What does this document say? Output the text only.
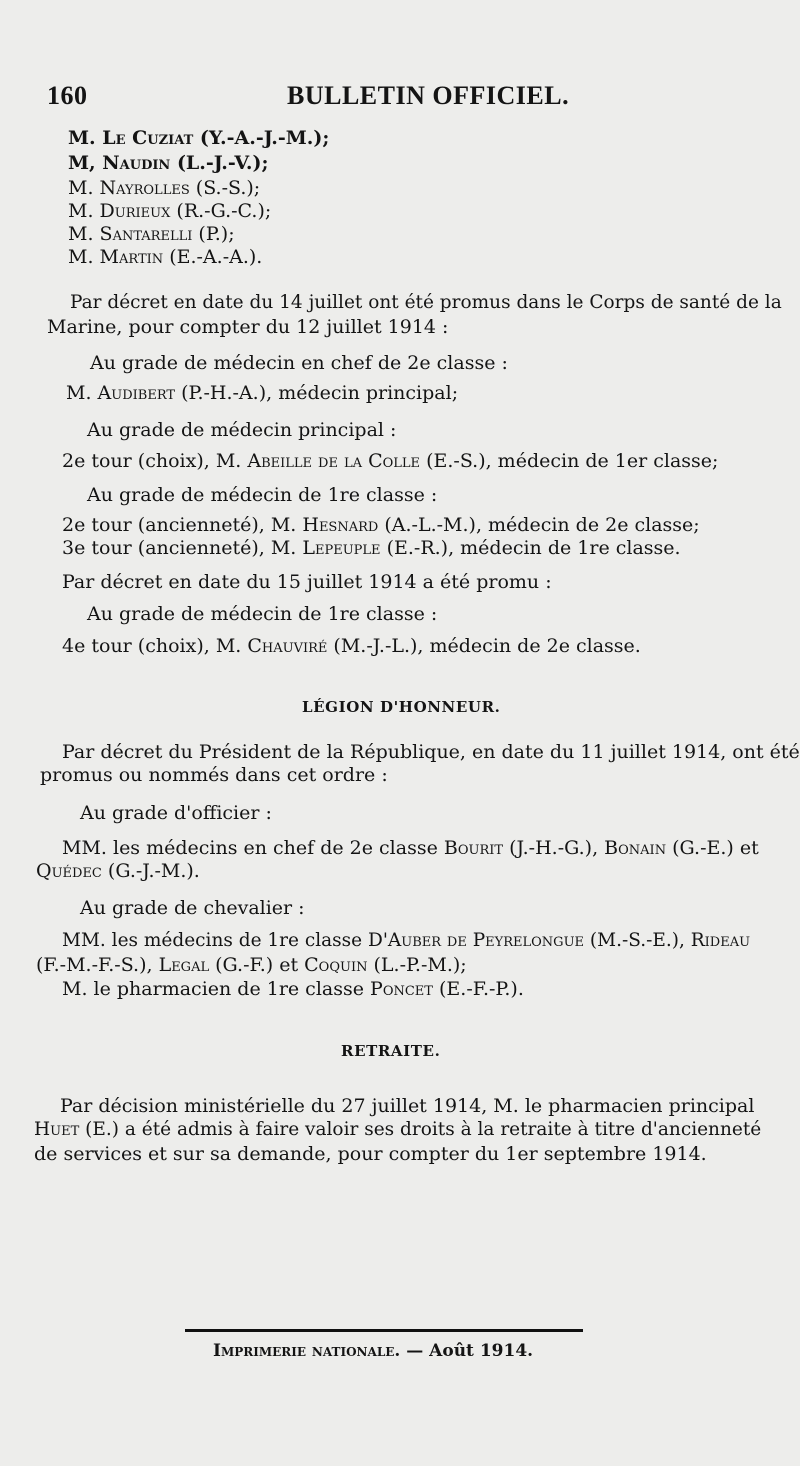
160	BULLETIN OFFICIEL.
M. Le Cuziat (Y.-A.-J.-M.);
M, Naudin (L.-J.-V.);
M. Nayrolles (S.-S.);
M. Durieux (R.-G.-C.);
M. Santarelli (P.);
M. Martin (E.-A.-A.).
Par décret en date du 14 juillet ont été promus dans le Corps de santé de la
Marine, pour compter du 12 juillet 1914 :
Au grade de médecin en chef de 2e classe :
M. Audibert (P.-H.-A.), médecin principal;
Au grade de médecin principal :
2e tour (choix), M. Abeille de la Colle (E.-S.), médecin de 1er classe;
Au grade de médecin de 1re classe :
2e tour (ancienneté), M. Hesnard (A.-L.-M.), médecin de 2e classe;
3e tour (ancienneté), M. Lepeuple (E.-R.), médecin de 1re classe.
Par décret en date du 15 juillet 1914 a été promu :
Au grade de médecin de 1re classe :
4e tour (choix), M. Chauviré (M.-J.-L.), médecin de 2e classe.
LÉGION D'HONNEUR.
Par décret du Président de la République, en date du 11 juillet 1914, ont été
promus ou nommés dans cet ordre :
Au grade d'officier :
MM. les médecins en chef de 2e classe Bourit (J.-H.-G.), Bonain (G.-E.) et
Quédec (G.-J.-M.).
Au grade de chevalier :
MM. les médecins de 1re classe D'Auber de Peyrelongue (M.-S.-E.), Rideau
(F.-M.-F.-S.), Legal (G.-F.) et Coquin (L.-P.-M.);
M. le pharmacien de 1re classe Poncet (E.-F.-P.).
RETRAITE.
Par décision ministérielle du 27 juillet 1914, M. le pharmacien principal
Huet (E.) a été admis à faire valoir ses droits à la retraite à titre d'ancienneté
de services et sur sa demande, pour compter du 1er septembre 1914.
Imprimerie nationale. — Août 1914.
